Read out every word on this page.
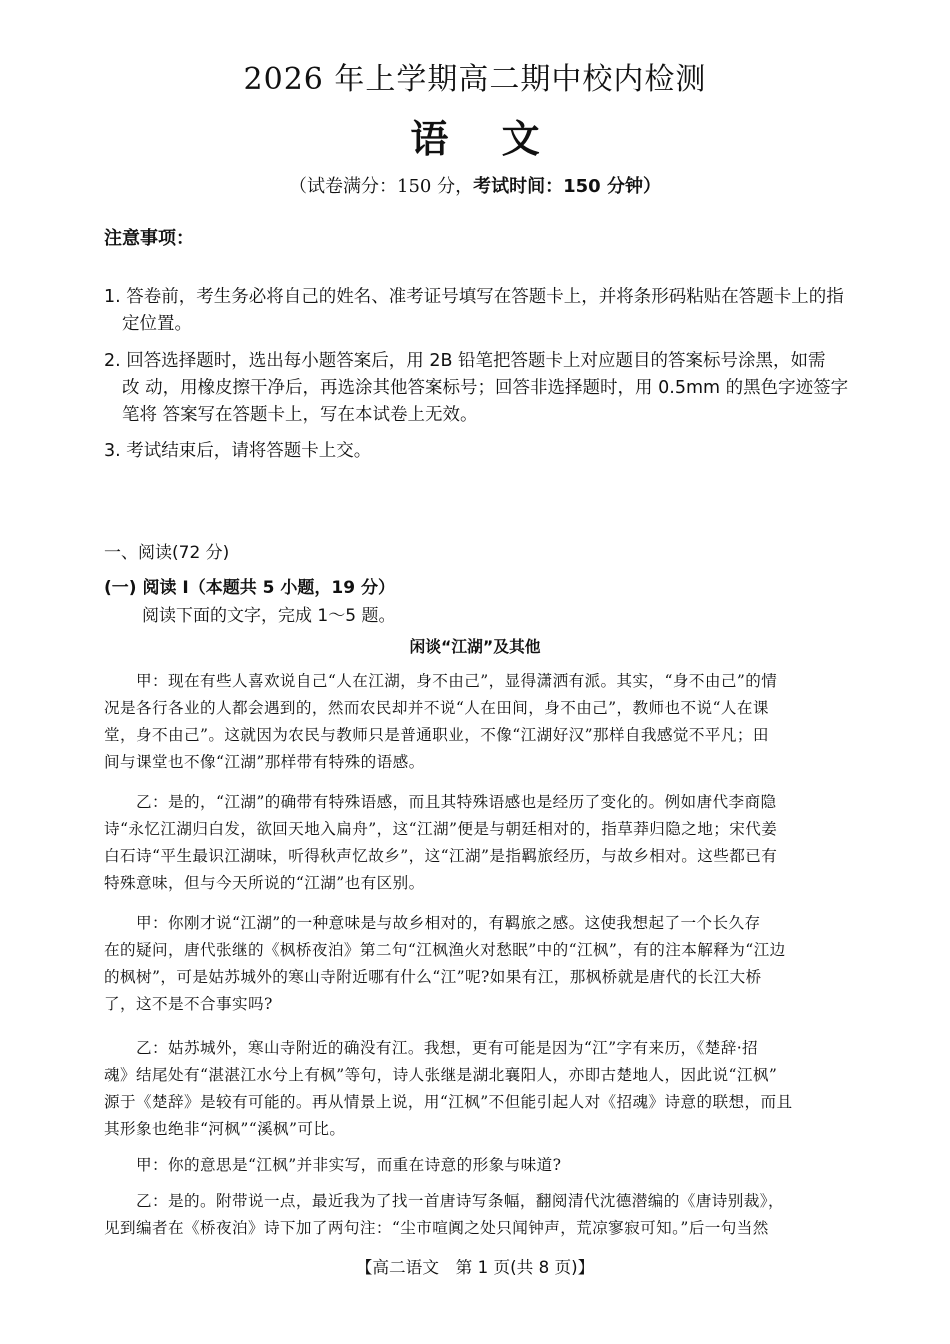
2026 年上学期高二期中校内检测
语 文
（试卷满分：150 分，考试时间：150 分钟）
注意事项：
1. 答卷前，考生务必将自己的姓名、准考证号填写在答题卡上，并将条形码粘贴在答题卡上的指
定位置。
2. 回答选择题时，选出每小题答案后，用 2B 铅笔把答题卡上对应题目的答案标号涂黑，如需
改 动，用橡皮擦干净后，再选涂其他答案标号；回答非选择题时，用 0.5mm 的黑色字迹签字
笔将 答案写在答题卡上，写在本试卷上无效。
3. 考试结束后，请将答题卡上交。
一、阅读(72 分)
(一) 阅读 I（本题共 5 小题，19 分）
阅读下面的文字，完成 1～5 题。
闲谈“江湖”及其他
　　甲：现在有些人喜欢说自己“人在江湖，身不由己”，显得潇洒有派。其实，“身不由己”的情
况是各行各业的人都会遇到的，然而农民却并不说“人在田间，身不由己”，教师也不说“人在课
堂，身不由己”。这就因为农民与教师只是普通职业，不像“江湖好汉”那样自我感觉不平凡；田
间与课堂也不像“江湖”那样带有特殊的语感。
　　乙：是的，“江湖”的确带有特殊语感，而且其特殊语感也是经历了变化的。例如唐代李商隐
诗“永忆江湖归白发，欲回天地入扁舟”，这“江湖”便是与朝廷相对的，指草莽归隐之地；宋代姜
白石诗“平生最识江湖味，听得秋声忆故乡”，这“江湖”是指羁旅经历，与故乡相对。这些都已有
特殊意味，但与今天所说的“江湖”也有区别。
　　甲：你刚才说“江湖”的一种意味是与故乡相对的，有羁旅之感。这使我想起了一个长久存
在的疑问，唐代张继的《枫桥夜泊》第二句“江枫渔火对愁眠”中的“江枫”，有的注本解释为“江边
的枫树”，可是姑苏城外的寒山寺附近哪有什么“江”呢?如果有江，那枫桥就是唐代的长江大桥
了，这不是不合事实吗?
　　乙：姑苏城外，寒山寺附近的确没有江。我想，更有可能是因为“江”字有来历，《楚辞·招
魂》结尾处有“湛湛江水兮上有枫”等句，诗人张继是湖北襄阳人，亦即古楚地人，因此说“江枫”
源于《楚辞》是较有可能的。再从情景上说，用“江枫”不但能引起人对《招魂》诗意的联想，而且
其形象也绝非“河枫”“溪枫”可比。
　　甲：你的意思是“江枫”并非实写，而重在诗意的形象与味道?
　　乙：是的。附带说一点，最近我为了找一首唐诗写条幅，翻阅清代沈德潜编的《唐诗别裁》，
见到编者在《桥夜泊》诗下加了两句注：“尘市喧阗之处只闻钟声，荒凉寥寂可知。”后一句当然
【高二语文　第 1 页(共 8 页)】
